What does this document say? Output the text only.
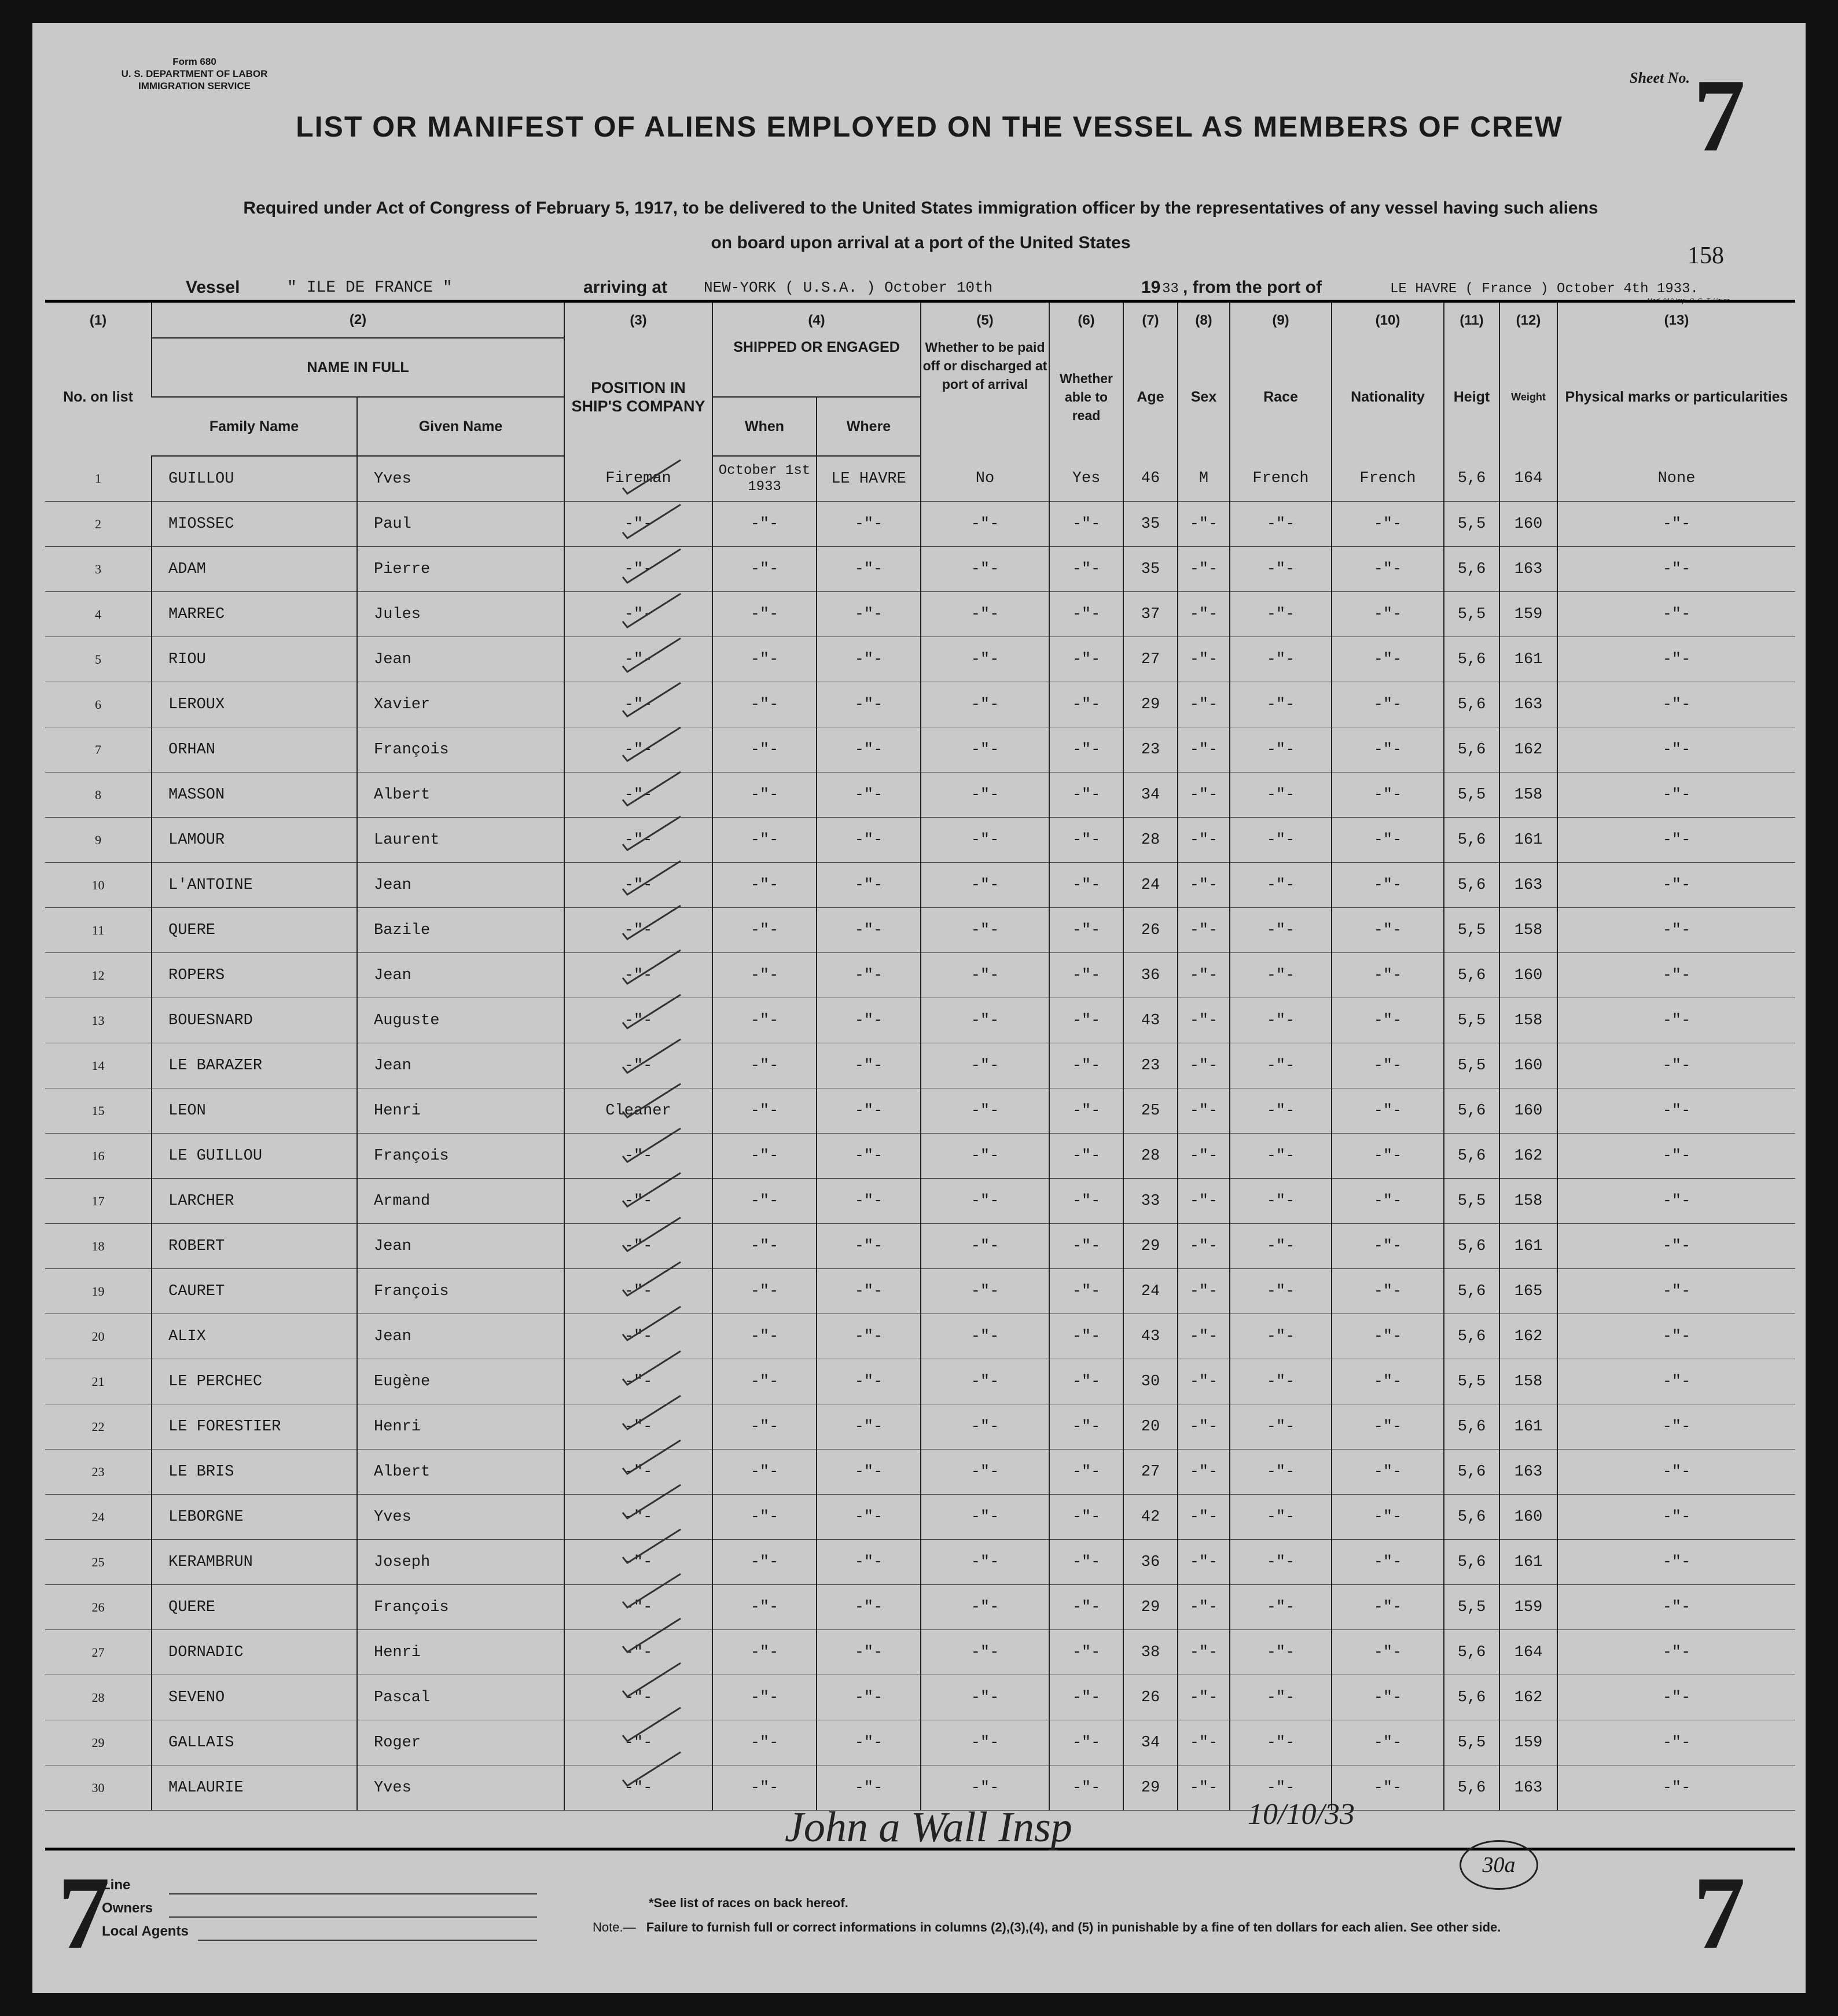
Form 680
U. S. DEPARTMENT OF LABOR
IMMIGRATION SERVICE	Sheet No. 7
LIST OR MANIFEST OF ALIENS EMPLOYED ON THE VESSEL AS MEMBERS OF CREW
Required under Act of Congress of February 5, 1917, to be delivered to the United States immigration officer by the representatives of any vessel having such aliens
on board upon arrival at a port of the United States	158
Vessel	" ILE DE FRANCE "	arriving at NEW-YORK ( U.S.A. ) October 10th	19 33 , from the port of	LE HAVRE ( France ) October 4th 1933.
Mod. 910 Imp. C. G. T. Havre
(1)	(2)		(3)	(4)		(5)	(6)	(7)	(8)	(9)	(10)	(11)	(12)	(13)
No. on list	NAME IN FULL		POSITION IN SHIP'S COMPANY	SHIPPED OR ENGAGED		Whether to be paid off or discharged at port of arrival	Whether able to read	Age	Sex	Race	Nationality	Heigt	Weight	Physical marks or particularities
	Family Name	Given Name		When	Where									
1	GUILLOU	Yves	Fireman	October 1st 1933	LE HAVRE	No	Yes	46	M	French	French	5,6	164	None
2	MIOSSEC	Paul	-"-	-"-	-"-	-"-	-"-	35	-"-	-"-	-"-	5,5	160	-"-
3	ADAM	Pierre	-"-	-"-	-"-	-"-	-"-	35	-"-	-"-	-"-	5,6	163	-"-
4	MARREC	Jules	-"-	-"-	-"-	-"-	-"-	37	-"-	-"-	-"-	5,5	159	-"-
5	RIOU	Jean	-"-	-"-	-"-	-"-	-"-	27	-"-	-"-	-"-	5,6	161	-"-
6	LEROUX	Xavier	-"-	-"-	-"-	-"-	-"-	29	-"-	-"-	-"-	5,6	163	-"-
7	ORHAN	François	-"-	-"-	-"-	-"-	-"-	23	-"-	-"-	-"-	5,6	162	-"-
8	MASSON	Albert	-"-	-"-	-"-	-"-	-"-	34	-"-	-"-	-"-	5,5	158	-"-
9	LAMOUR	Laurent	-"-	-"-	-"-	-"-	-"-	28	-"-	-"-	-"-	5,6	161	-"-
10	L'ANTOINE	Jean	-"-	-"-	-"-	-"-	-"-	24	-"-	-"-	-"-	5,6	163	-"-
11	QUERE	Bazile	-"-	-"-	-"-	-"-	-"-	26	-"-	-"-	-"-	5,5	158	-"-
12	ROPERS	Jean	-"-	-"-	-"-	-"-	-"-	36	-"-	-"-	-"-	5,6	160	-"-
13	BOUESNARD	Auguste	-"-	-"-	-"-	-"-	-"-	43	-"-	-"-	-"-	5,5	158	-"-
14	LE BARAZER	Jean	-"-	-"-	-"-	-"-	-"-	23	-"-	-"-	-"-	5,5	160	-"-
15	LEON	Henri	Cleaner	-"-	-"-	-"-	-"-	25	-"-	-"-	-"-	5,6	160	-"-
16	LE GUILLOU	François	-"-	-"-	-"-	-"-	-"-	28	-"-	-"-	-"-	5,6	162	-"-
17	LARCHER	Armand	-"-	-"-	-"-	-"-	-"-	33	-"-	-"-	-"-	5,5	158	-"-
18	ROBERT	Jean	-"-	-"-	-"-	-"-	-"-	29	-"-	-"-	-"-	5,6	161	-"-
19	CAURET	François	-"-	-"-	-"-	-"-	-"-	24	-"-	-"-	-"-	5,6	165	-"-
20	ALIX	Jean	-"-	-"-	-"-	-"-	-"-	43	-"-	-"-	-"-	5,6	162	-"-
21	LE PERCHEC	Eugène	-"-	-"-	-"-	-"-	-"-	30	-"-	-"-	-"-	5,5	158	-"-
22	LE FORESTIER	Henri	-"-	-"-	-"-	-"-	-"-	20	-"-	-"-	-"-	5,6	161	-"-
23	LE BRIS	Albert	-"-	-"-	-"-	-"-	-"-	27	-"-	-"-	-"-	5,6	163	-"-
24	LEBORGNE	Yves	-"-	-"-	-"-	-"-	-"-	42	-"-	-"-	-"-	5,6	160	-"-
25	KERAMBRUN	Joseph	-"-	-"-	-"-	-"-	-"-	36	-"-	-"-	-"-	5,6	161	-"-
26	QUERE	François	-"-	-"-	-"-	-"-	-"-	29	-"-	-"-	-"-	5,5	159	-"-
27	DORNADIC	Henri	-"-	-"-	-"-	-"-	-"-	38	-"-	-"-	-"-	5,6	164	-"-
28	SEVENO	Pascal	-"-	-"-	-"-	-"-	-"-	26	-"-	-"-	-"-	5,6	162	-"-
29	GALLAIS	Roger	-"-	-"-	-"-	-"-	-"-	34	-"-	-"-	-"-	5,5	159	-"-
30	MALAURIE	Yves	-"-	-"-	-"-	-"-	-"-	29	-"-	-"-	-"-	5,6	163	-"-
Line
Owners
Local Agents
7	7
*See list of races on back hereof.
Note.— Failure to furnish full or correct informations in columns (2),(3),(4), and (5) in punishable by a fine of ten dollars for each alien. See other side.
John a Wall Insp	10/10/33
30a
